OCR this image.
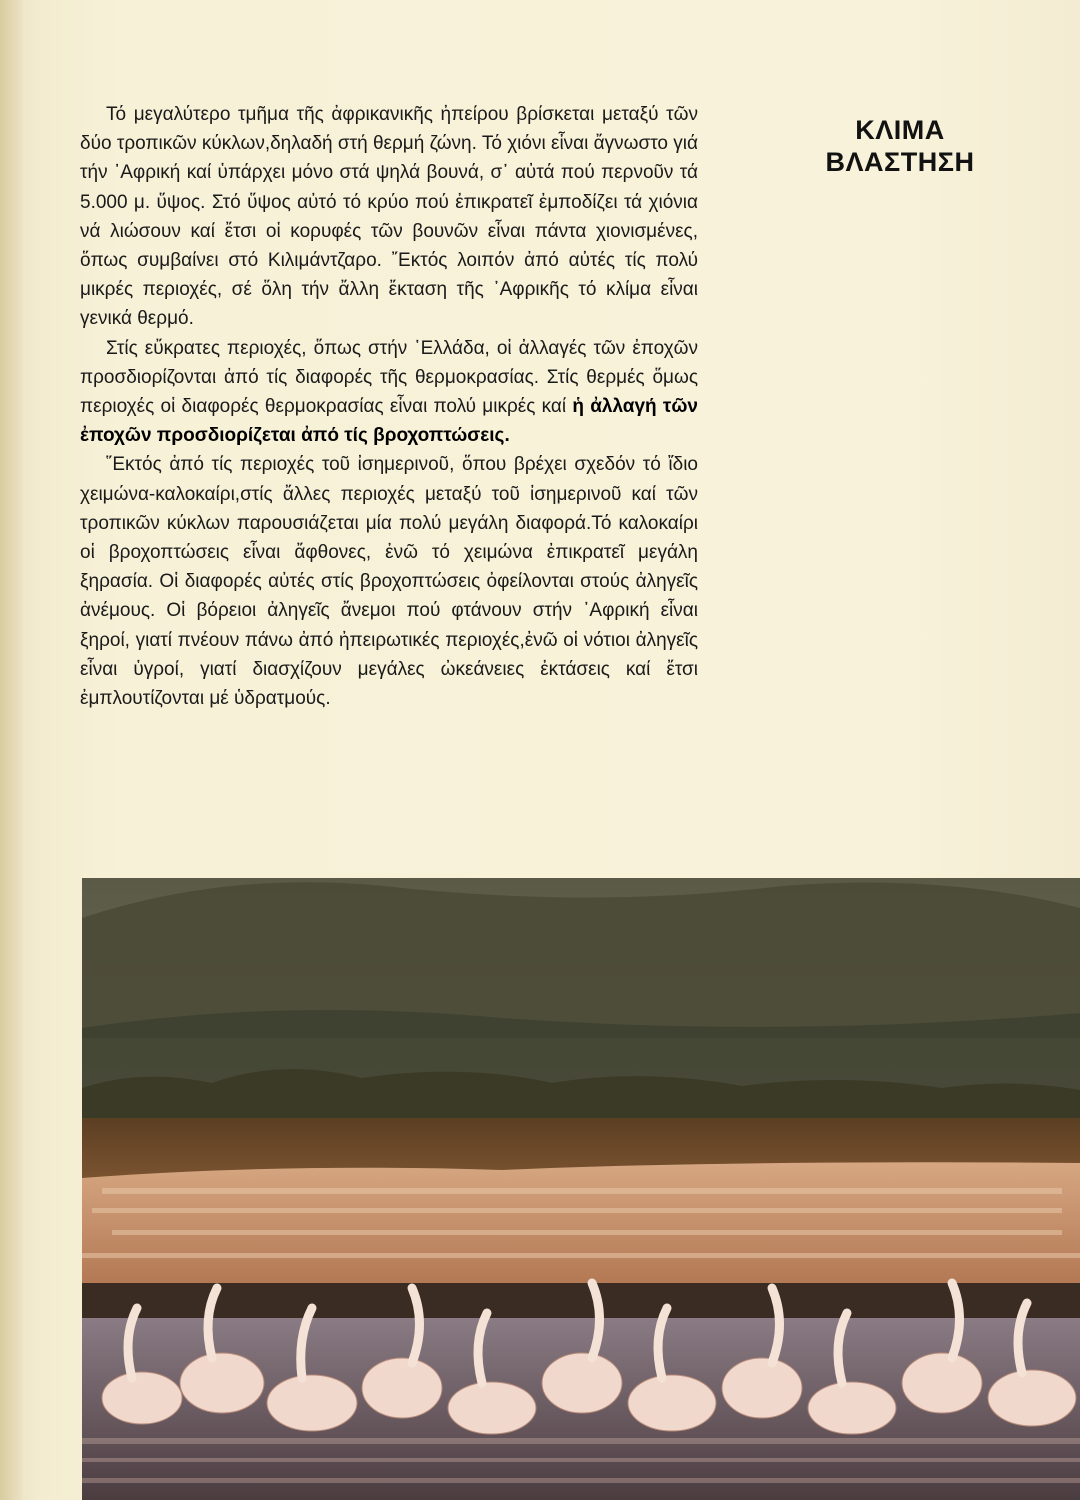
ΚΛΙΜΑ
ΒΛΑΣΤΗΣΗ

Τό μεγαλύτερο τμῆμα τῆς ἀφρικανικῆς ἠπείρου βρίσκεται μεταξύ τῶν δύο τροπικῶν κύκλων,δηλαδή στή θερμή ζώνη. Τό χιόνι εἶναι ἄγνωστο γιά τήν ᾿Αφρική καί ὑπάρχει μόνο στά ψηλά βουνά, σ᾿ αὐτά πού περνοῦν τά 5.000 μ. ὕψος. Στό ὕψος αὐτό τό κρύο πού ἐπικρατεῖ ἐμποδίζει τά χιόνια νά λιώσουν καί ἔτσι οἱ κορυφές τῶν βουνῶν εἶναι πάντα χιονισμένες, ὅπως συμβαίνει στό Κιλιμάντζαρο. ῎Εκτός λοιπόν ἀπό αὐτές τίς πολύ μικρές περιοχές, σέ ὅλη τήν ἄλλη ἔκταση τῆς ᾿Αφρικῆς τό κλίμα εἶναι γενικά θερμό.

Στίς εὔκρατες περιοχές, ὅπως στήν ῾Ελλάδα, οἱ ἀλλαγές τῶν ἐποχῶν προσδιορίζονται ἀπό τίς διαφορές τῆς θερμοκρασίας. Στίς θερμές ὅμως περιοχές οἱ διαφορές θερμοκρασίας εἶναι πολύ μικρές καί ἡ ἀλλαγή τῶν ἐποχῶν προσδιορίζεται ἀπό τίς βροχοπτώσεις.

῞Εκτός ἀπό τίς περιοχές τοῦ ἰσημερινοῦ, ὅπου βρέχει σχεδόν τό ἴδιο χειμώνα-καλοκαίρι,στίς ἄλλες περιοχές μεταξύ τοῦ ἰσημερινοῦ καί τῶν τροπικῶν κύκλων παρουσιάζεται μία πολύ μεγάλη διαφορά.Τό καλοκαίρι οἱ βροχοπτώσεις εἶναι ἄφθονες, ἐνῶ τό χειμώνα ἐπικρατεῖ μεγάλη ξηρασία. Οἱ διαφορές αὐτές στίς βροχοπτώσεις ὀφείλονται στούς ἀληγεῖς ἀνέμους. Οἱ βόρειοι ἀληγεῖς ἄνεμοι πού φτάνουν στήν ᾿Αφρική εἶναι ξηροί, γιατί πνέουν πάνω ἀπό ἠπειρωτικές περιοχές,ἐνῶ οἱ νότιοι ἀληγεῖς εἶναι ὑγροί, γιατί διασχίζουν μεγάλες ὠκεάνειες ἐκτάσεις καί ἔτσι ἐμπλουτίζονται μέ ὑδρατμούς.
